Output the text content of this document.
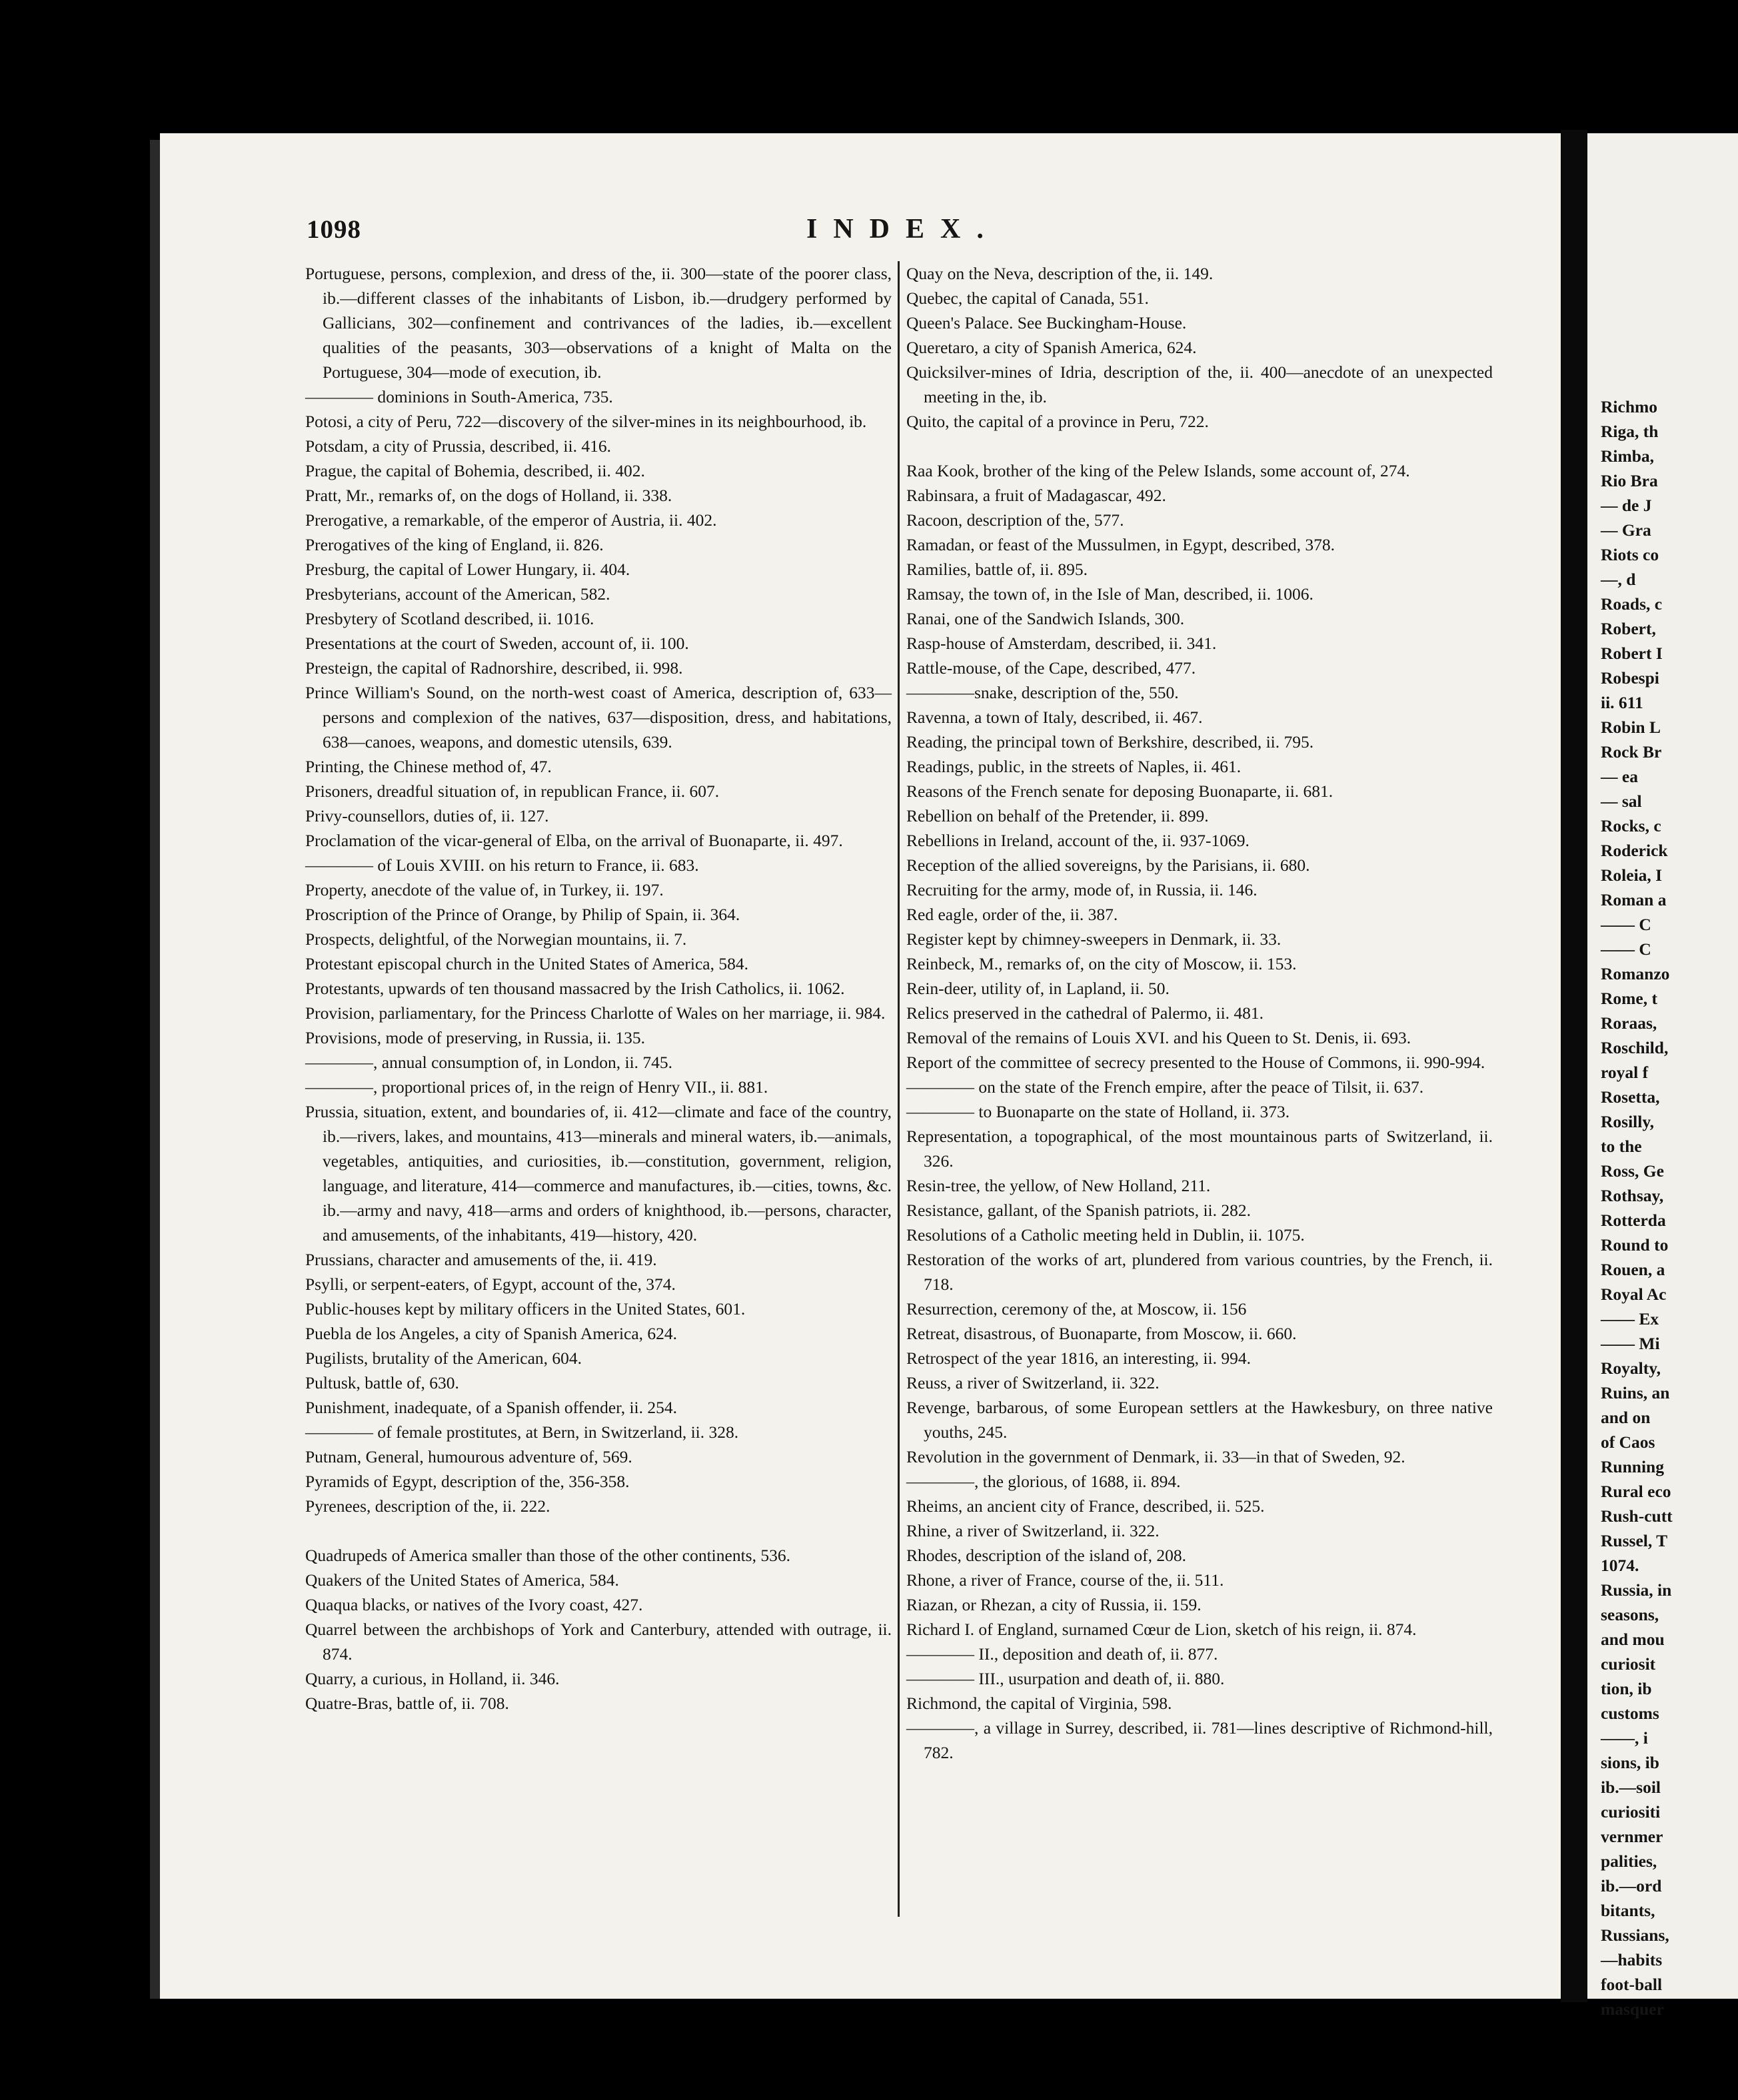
Richmo
Riga, th
Rimba,
Rio Bra
— de J
— Gra
Riots co
—, d
Roads, c
Robert,
Robert I
Robespi
ii. 611
Robin L
Rock Br
— ea
— sal
Rocks, c
Roderick
Roleia, I
Roman a
—— C
—— C
Romanzo
Rome, t
Roraas,
Roschild,
royal f
Rosetta,
Rosilly,
to the
Ross, Ge
Rothsay,
Rotterda
Round to
Rouen, a
Royal Ac
—— Ex
—— Mi
Royalty,
Ruins, an
and on
of Caos
Running
Rural eco
Rush-cutt
Russel, T
1074.
Russia, in
seasons,
and mou
curiosit
tion, ib
customs
——, i
sions, ib
ib.—soil
curiositi
vernmer
palities,
ib.—ord
bitants,
Russians,
—habits
foot-ball
masquer
1098	INDEX.
Portuguese, persons, complexion, and dress of the, ii. 300—state of the poorer class, ib.—different classes of the inhabitants of Lisbon, ib.—drudgery performed by Gallicians, 302—confinement and contrivances of the ladies, ib.—excellent qualities of the peasants, 303—observations of a knight of Malta on the Portuguese, 304—mode of execution, ib.
———— dominions in South-America, 735.
Potosi, a city of Peru, 722—discovery of the silver-mines in its neighbourhood, ib.
Potsdam, a city of Prussia, described, ii. 416.
Prague, the capital of Bohemia, described, ii. 402.
Pratt, Mr., remarks of, on the dogs of Holland, ii. 338.
Prerogative, a remarkable, of the emperor of Austria, ii. 402.
Prerogatives of the king of England, ii. 826.
Presburg, the capital of Lower Hungary, ii. 404.
Presbyterians, account of the American, 582.
Presbytery of Scotland described, ii. 1016.
Presentations at the court of Sweden, account of, ii. 100.
Presteign, the capital of Radnorshire, described, ii. 998.
Prince William's Sound, on the north-west coast of America, description of, 633—persons and complexion of the natives, 637—disposition, dress, and habitations, 638—canoes, weapons, and domestic utensils, 639.
Printing, the Chinese method of, 47.
Prisoners, dreadful situation of, in republican France, ii. 607.
Privy-counsellors, duties of, ii. 127.
Proclamation of the vicar-general of Elba, on the arrival of Buonaparte, ii. 497.
———— of Louis XVIII. on his return to France, ii. 683.
Property, anecdote of the value of, in Turkey, ii. 197.
Proscription of the Prince of Orange, by Philip of Spain, ii. 364.
Prospects, delightful, of the Norwegian mountains, ii. 7.
Protestant episcopal church in the United States of America, 584.
Protestants, upwards of ten thousand massacred by the Irish Catholics, ii. 1062.
Provision, parliamentary, for the Princess Charlotte of Wales on her marriage, ii. 984.
Provisions, mode of preserving, in Russia, ii. 135.
————, annual consumption of, in London, ii. 745.
————, proportional prices of, in the reign of Henry VII., ii. 881.
Prussia, situation, extent, and boundaries of, ii. 412—climate and face of the country, ib.—rivers, lakes, and mountains, 413—minerals and mineral waters, ib.—animals, vegetables, antiquities, and curiosities, ib.—constitution, government, religion, language, and literature, 414—commerce and manufactures, ib.—cities, towns, &c. ib.—army and navy, 418—arms and orders of knighthood, ib.—persons, character, and amusements, of the inhabitants, 419—history, 420.
Prussians, character and amusements of the, ii. 419.
Psylli, or serpent-eaters, of Egypt, account of the, 374.
Public-houses kept by military officers in the United States, 601.
Puebla de los Angeles, a city of Spanish America, 624.
Pugilists, brutality of the American, 604.
Pultusk, battle of, 630.
Punishment, inadequate, of a Spanish offender, ii. 254.
———— of female prostitutes, at Bern, in Switzerland, ii. 328.
Putnam, General, humourous adventure of, 569.
Pyramids of Egypt, description of the, 356-358.
Pyrenees, description of the, ii. 222.
Quadrupeds of America smaller than those of the other continents, 536.
Quakers of the United States of America, 584.
Quaqua blacks, or natives of the Ivory coast, 427.
Quarrel between the archbishops of York and Canterbury, attended with outrage, ii. 874.
Quarry, a curious, in Holland, ii. 346.
Quatre-Bras, battle of, ii. 708.
Quay on the Neva, description of the, ii. 149.
Quebec, the capital of Canada, 551.
Queen's Palace. See Buckingham-House.
Queretaro, a city of Spanish America, 624.
Quicksilver-mines of Idria, description of the, ii. 400—anecdote of an unexpected meeting in the, ib.
Quito, the capital of a province in Peru, 722.
Raa Kook, brother of the king of the Pelew Islands, some account of, 274.
Rabinsara, a fruit of Madagascar, 492.
Racoon, description of the, 577.
Ramadan, or feast of the Mussulmen, in Egypt, described, 378.
Ramilies, battle of, ii. 895.
Ramsay, the town of, in the Isle of Man, described, ii. 1006.
Ranai, one of the Sandwich Islands, 300.
Rasp-house of Amsterdam, described, ii. 341.
Rattle-mouse, of the Cape, described, 477.
————snake, description of the, 550.
Ravenna, a town of Italy, described, ii. 467.
Reading, the principal town of Berkshire, described, ii. 795.
Readings, public, in the streets of Naples, ii. 461.
Reasons of the French senate for deposing Buonaparte, ii. 681.
Rebellion on behalf of the Pretender, ii. 899.
Rebellions in Ireland, account of the, ii. 937-1069.
Reception of the allied sovereigns, by the Parisians, ii. 680.
Recruiting for the army, mode of, in Russia, ii. 146.
Red eagle, order of the, ii. 387.
Register kept by chimney-sweepers in Denmark, ii. 33.
Reinbeck, M., remarks of, on the city of Moscow, ii. 153.
Rein-deer, utility of, in Lapland, ii. 50.
Relics preserved in the cathedral of Palermo, ii. 481.
Removal of the remains of Louis XVI. and his Queen to St. Denis, ii. 693.
Report of the committee of secrecy presented to the House of Commons, ii. 990-994.
———— on the state of the French empire, after the peace of Tilsit, ii. 637.
———— to Buonaparte on the state of Holland, ii. 373.
Representation, a topographical, of the most mountainous parts of Switzerland, ii. 326.
Resin-tree, the yellow, of New Holland, 211.
Resistance, gallant, of the Spanish patriots, ii. 282.
Resolutions of a Catholic meeting held in Dublin, ii. 1075.
Restoration of the works of art, plundered from various countries, by the French, ii. 718.
Resurrection, ceremony of the, at Moscow, ii. 156
Retreat, disastrous, of Buonaparte, from Moscow, ii. 660.
Retrospect of the year 1816, an interesting, ii. 994.
Reuss, a river of Switzerland, ii. 322.
Revenge, barbarous, of some European settlers at the Hawkesbury, on three native youths, 245.
Revolution in the government of Denmark, ii. 33—in that of Sweden, 92.
————, the glorious, of 1688, ii. 894.
Rheims, an ancient city of France, described, ii. 525.
Rhine, a river of Switzerland, ii. 322.
Rhodes, description of the island of, 208.
Rhone, a river of France, course of the, ii. 511.
Riazan, or Rhezan, a city of Russia, ii. 159.
Richard I. of England, surnamed Cœur de Lion, sketch of his reign, ii. 874.
———— II., deposition and death of, ii. 877.
———— III., usurpation and death of, ii. 880.
Richmond, the capital of Virginia, 598.
————, a village in Surrey, described, ii. 781—lines descriptive of Richmond-hill, 782.
